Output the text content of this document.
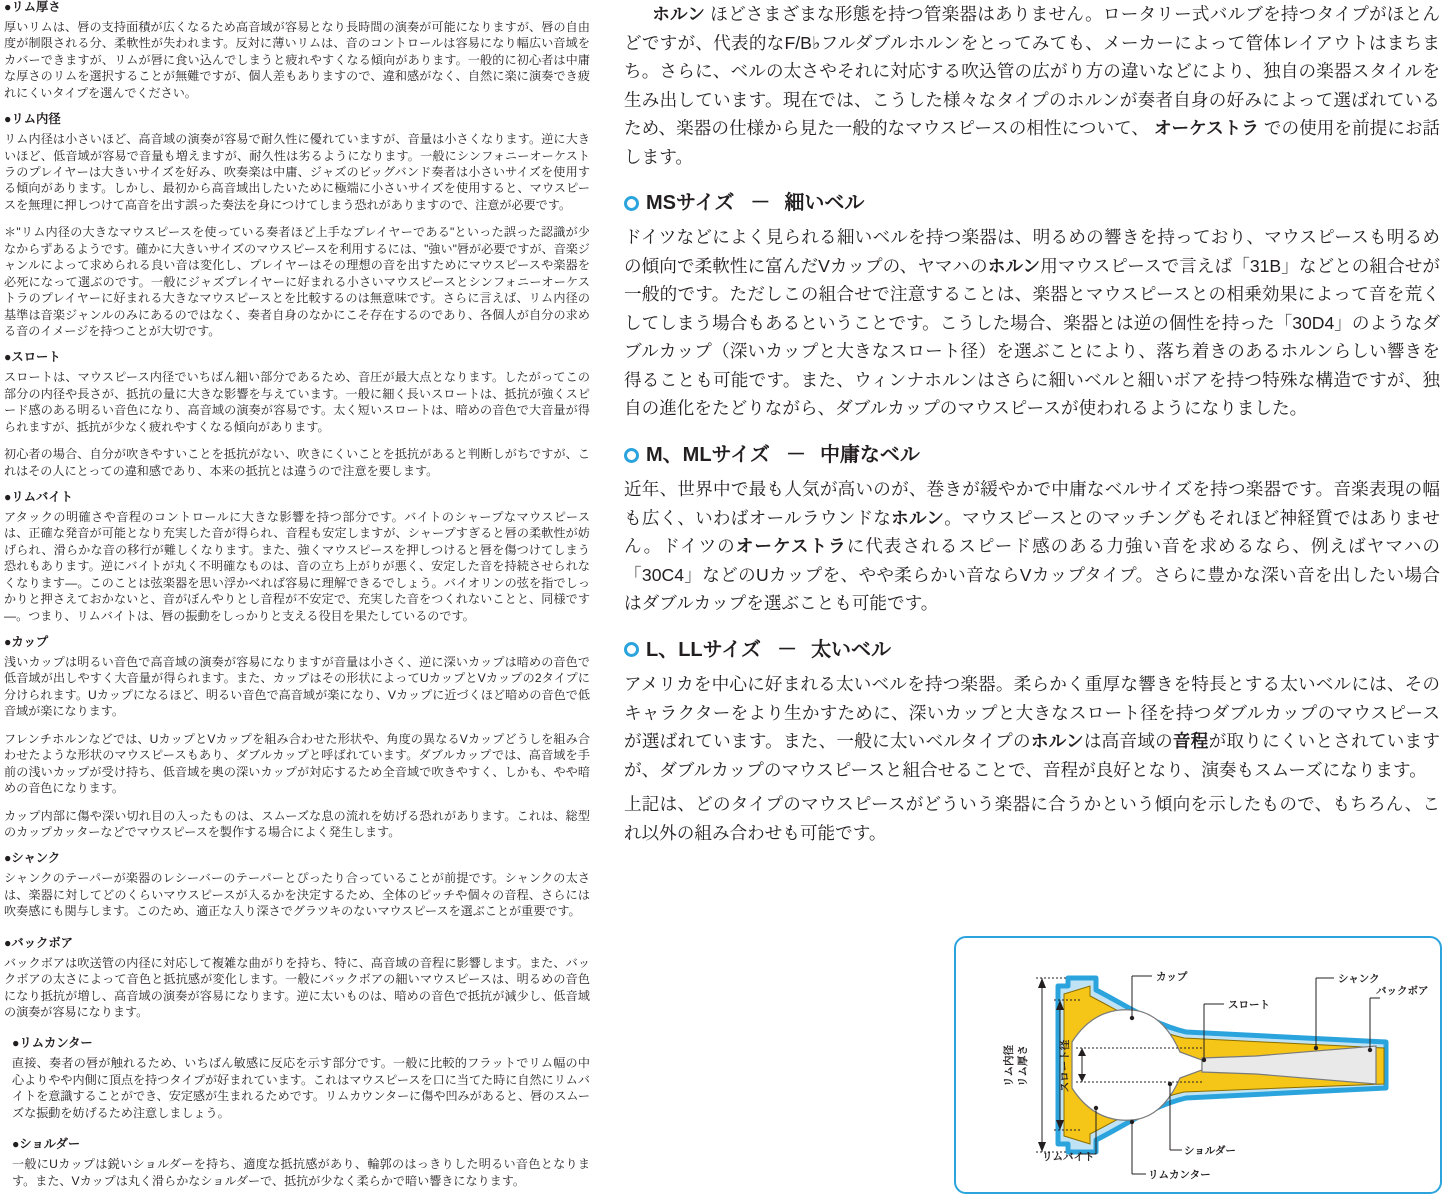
●リム厚さ

厚いリムは、唇の支持面積が広くなるため高音域が容易となり長時間の演奏が可能になりますが、唇の自由度が制限される分、柔軟性が失われます。反対に薄いリムは、音のコントロールは容易になり幅広い音域をカバーできますが、リムが唇に食い込んでしまうと疲れやすくなる傾向があります。一般的に初心者は中庸な厚さのリムを選択することが無難ですが、個人差もありますので、違和感がなく、自然に楽に演奏でき疲れにくいタイプを選んでください。

●リム内径

リム内径は小さいほど、高音域の演奏が容易で耐久性に優れていますが、音量は小さくなります。逆に大きいほど、低音域が容易で音量も増えますが、耐久性は劣るようになります。一般にシンフォニーオーケストラのプレイヤーは大きいサイズを好み、吹奏楽は中庸、ジャズのビッグバンド奏者は小さいサイズを使用する傾向があります。しかし、最初から高音域出したいために極端に小さいサイズを使用すると、マウスピースを無理に押しつけて高音を出す誤った奏法を身につけてしまう恐れがありますので、注意が必要です。

＊"リム内径の大きなマウスピースを使っている奏者ほど上手なプレイヤーである"といった誤った認識が少なからずあるようです。確かに大きいサイズのマウスピースを利用するには、"強い"唇が必要ですが、音楽ジャンルによって求められる良い音は変化し、プレイヤーはその理想の音を出すためにマウスピースや楽器を必死になって選ぶのです。一般にジャズプレイヤーに好まれる小さいマウスピースとシンフォニーオーケストラのプレイヤーに好まれる大きなマウスピースとを比較するのは無意味です。さらに言えば、リム内径の基準は音楽ジャンルのみにあるのではなく、奏者自身のなかにこそ存在するのであり、各個人が自分の求める音のイメージを持つことが大切です。

●スロート

スロートは、マウスピース内径でいちばん細い部分であるため、音圧が最大点となります。したがってこの部分の内径や長さが、抵抗の量に大きな影響を与えています。一般に細く長いスロートは、抵抗が強くスピード感のある明るい音色になり、高音域の演奏が容易です。太く短いスロートは、暗めの音色で大音量が得られますが、抵抗が少なく疲れやすくなる傾向があります。

初心者の場合、自分が吹きやすいことを抵抗がない、吹きにくいことを抵抗があると判断しがちですが、これはその人にとっての違和感であり、本来の抵抗とは違うので注意を要します。

●リムバイト

アタックの明確さや音程のコントロールに大きな影響を持つ部分です。バイトのシャープなマウスピースは、正確な発音が可能となり充実した音が得られ、音程も安定しますが、シャープすぎると唇の柔軟性が妨げられ、滑らかな音の移行が難しくなります。また、強くマウスピースを押しつけると唇を傷つけてしまう恐れもあります。逆にバイトが丸く不明確なものは、音の立ち上がりが悪く、安定した音を持続させられなくなります―。このことは弦楽器を思い浮かべれば容易に理解できるでしょう。バイオリンの弦を指でしっかりと押さえておかないと、音がぼんやりとし音程が不安定で、充実した音をつくれないことと、同様です―。つまり、リムバイトは、唇の振動をしっかりと支える役目を果たしているのです。

●カップ

浅いカップは明るい音色で高音域の演奏が容易になりますが音量は小さく、逆に深いカップは暗めの音色で低音域が出しやすく大音量が得られます。また、カップはその形状によってUカップとVカップの2タイプに分けられます。Uカップになるほど、明るい音色で高音域が楽になり、Vカップに近づくほど暗めの音色で低音域が楽になります。

フレンチホルンなどでは、UカップとVカップを組み合わせた形状や、角度の異なるVカップどうしを組み合わせたような形状のマウスピースもあり、ダブルカップと呼ばれています。ダブルカップでは、高音域を手前の浅いカップが受け持ち、低音域を奥の深いカップが対応するため全音域で吹きやすく、しかも、やや暗めの音色になります。

カップ内部に傷や深い切れ目の入ったものは、スムーズな息の流れを妨げる恐れがあります。これは、総型のカップカッターなどでマウスピースを製作する場合によく発生します。

●シャンク

シャンクのテーパーが楽器のレシーバーのテーパーとぴったり合っていることが前提です。シャンクの太さは、楽器に対してどのくらいマウスピースが入るかを決定するため、全体のピッチや個々の音程、さらには吹奏感にも関与します。このため、適正な入り深さでグラツキのないマウスピースを選ぶことが重要です。

●バックボア

バックボアは吹送管の内径に対応して複雑な曲がりを持ち、特に、高音域の音程に影響します。また、バックボアの太さによって音色と抵抗感が変化します。一般にバックボアの細いマウスピースは、明るめの音色になり抵抗が増し、高音域の演奏が容易になります。逆に太いものは、暗めの音色で抵抗が減少し、低音域の演奏が容易になります。

●リムカンター

直接、奏者の唇が触れるため、いちばん敏感に反応を示す部分です。一般に比較的フラットでリム幅の中心よりやや内側に頂点を持つタイプが好まれています。これはマウスピースを口に当てた時に自然にリムバイトを意識することができ、安定感が生まれるためです。リムカウンターに傷や凹みがあると、唇のスムーズな振動を妨げるため注意しましょう。

●ショルダー

一般にUカップは鋭いショルダーを持ち、適度な抵抗感があり、輪郭のはっきりした明るい音色となります。また、Vカップは丸く滑らかなショルダーで、抵抗が少なく柔らかで暗い響きになります。

ホルン ほどさまざまな形態を持つ管楽器はありません。ロータリー式バルブを持つタイプがほとんどですが、代表的なF/B♭フルダブルホルンをとってみても、メーカーによって管体レイアウトはまちまち。さらに、ベルの太さやそれに対応する吹込管の広がり方の違いなどにより、独自の楽器スタイルを生み出しています。現在では、こうした様々なタイプのホルンが奏者自身の好みによって選ばれているため、楽器の仕様から見た一般的なマウスピースの相性について、 オーケストラ での使用を前提にお話します。

MSサイズ － 細いベル

ドイツなどによく見られる細いベルを持つ楽器は、明るめの響きを持っており、マウスピースも明るめの傾向で柔軟性に富んだVカップの、ヤマハのホルン用マウスピースで言えば「31B」などとの組合せが一般的です。ただしこの組合せで注意することは、楽器とマウスピースとの相乗効果によって音を荒くしてしまう場合もあるということです。こうした場合、楽器とは逆の個性を持った「30D4」のようなダブルカップ（深いカップと大きなスロート径）を選ぶことにより、落ち着きのあるホルンらしい響きを得ることも可能です。また、ウィンナホルンはさらに細いベルと細いボアを持つ特殊な構造ですが、独自の進化をたどりながら、ダブルカップのマウスピースが使われるようになりました。

M、MLサイズ － 中庸なベル

近年、世界中で最も人気が高いのが、巻きが緩やかで中庸なベルサイズを持つ楽器です。音楽表現の幅も広く、いわばオールラウンドなホルン。マウスピースとのマッチングもそれほど神経質ではありません。ドイツのオーケストラに代表されるスピード感のある力強い音を求めるなら、例えばヤマハの「30C4」などのUカップを、やや柔らかい音ならVカップタイプ。さらに豊かな深い音を出したい場合はダブルカップを選ぶことも可能です。

L、LLサイズ － 太いベル

アメリカを中心に好まれる太いベルを持つ楽器。柔らかく重厚な響きを特長とする太いベルには、そのキャラクターをより生かすために、深いカップと大きなスロート径を持つダブルカップのマウスピースが選ばれています。また、一般に太いベルタイプのホルンは高音域の音程が取りにくいとされていますが、ダブルカップのマウスピースと組合せることで、音程が良好となり、演奏もスムーズになります。

上記は、どのタイプのマウスピースがどういう楽器に合うかという傾向を示したもので、もちろん、これ以外の組み合わせも可能です。

リム厚さ
リム内径	スロート径
カップ
スロート
シャンク
バックボア
リムバイト	ショルダー
リムカンター
